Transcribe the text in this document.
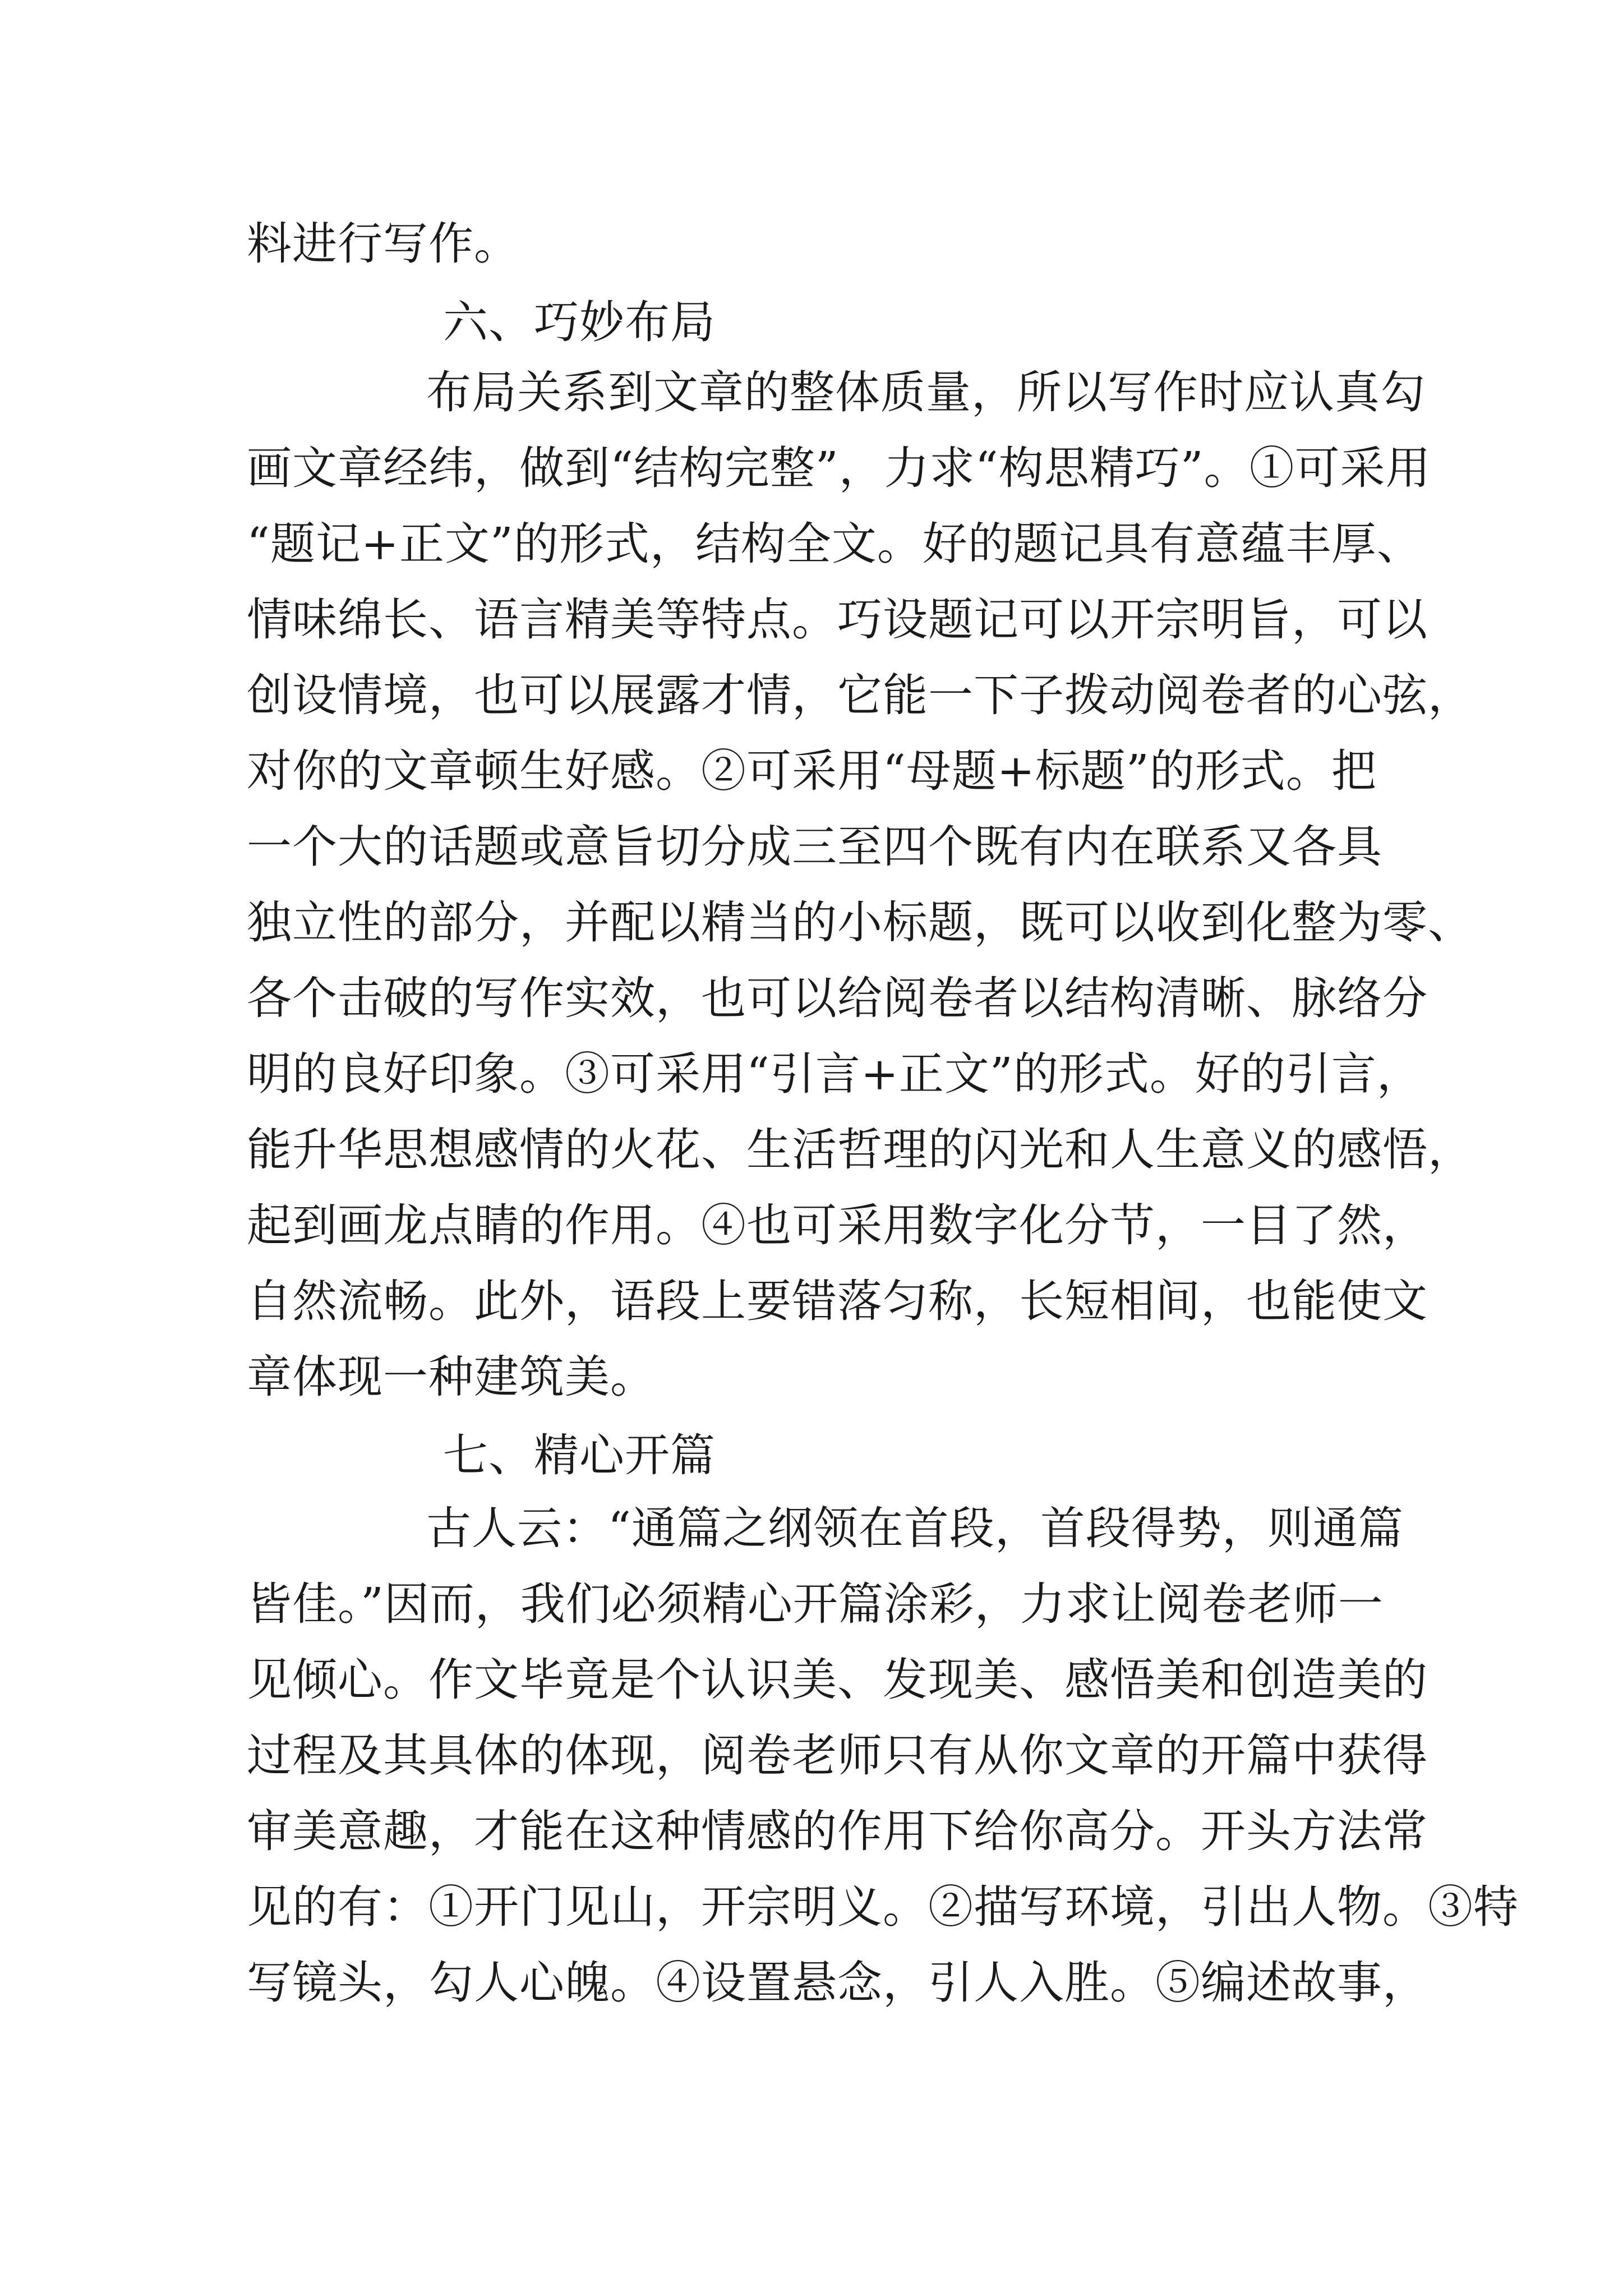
料进行写作。
六、巧妙布局
布局关系到文章的整体质量，所以写作时应认真勾
画文章经纬，做到“结构完整”，力求“构思精巧”。①可采用
“题记+正文”的形式，结构全文。好的题记具有意蕴丰厚、
情味绵长、语言精美等特点。巧设题记可以开宗明旨，可以
创设情境，也可以展露才情，它能一下子拨动阅卷者的心弦，
对你的文章顿生好感。②可采用“母题+标题”的形式。把
一个大的话题或意旨切分成三至四个既有内在联系又各具
独立性的部分，并配以精当的小标题，既可以收到化整为零、
各个击破的写作实效，也可以给阅卷者以结构清晰、脉络分
明的良好印象。③可采用“引言+正文”的形式。好的引言，
能升华思想感情的火花、生活哲理的闪光和人生意义的感悟，
起到画龙点睛的作用。④也可采用数字化分节，一目了然，
自然流畅。此外，语段上要错落匀称，长短相间，也能使文
章体现一种建筑美。
七、精心开篇
古人云：“通篇之纲领在首段，首段得势，则通篇
皆佳。”因而，我们必须精心开篇涂彩，力求让阅卷老师一
见倾心。作文毕竟是个认识美、发现美、感悟美和创造美的
过程及其具体的体现，阅卷老师只有从你文章的开篇中获得
审美意趣，才能在这种情感的作用下给你高分。开头方法常
见的有：①开门见山，开宗明义。②描写环境，引出人物。③特
写镜头，勾人心魄。④设置悬念，引人入胜。⑤编述故事，
